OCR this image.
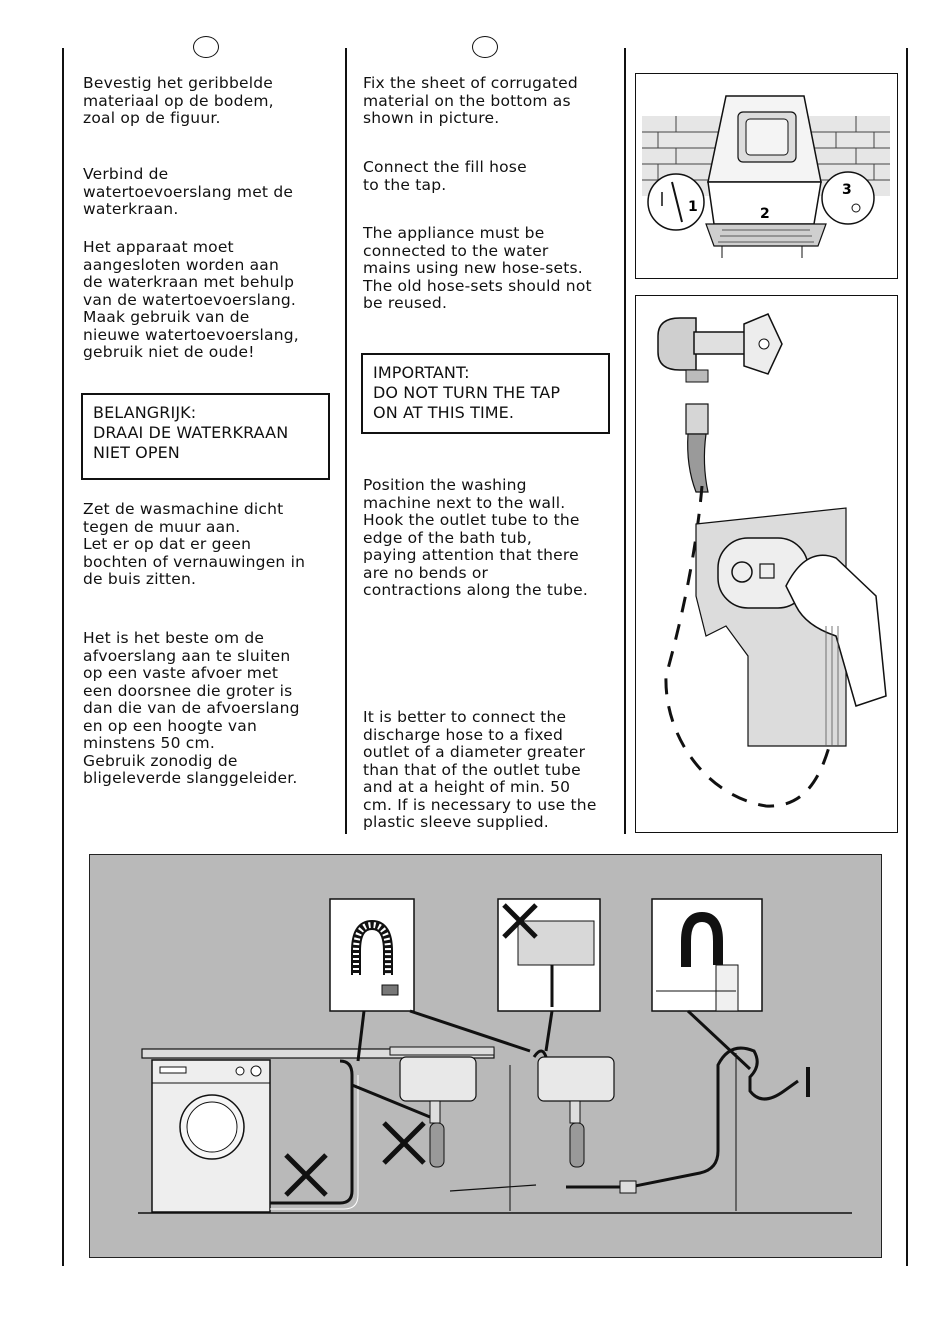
Bevestig het geribbelde
materiaal op de bodem,
zoal op de figuur.

Verbind de
watertoevoerslang met de
waterkraan.

Het apparaat moet
aangesloten worden aan
de waterkraan met behulp
van de watertoevoerslang.
Maak gebruik van de
nieuwe watertoevoerslang,
gebruik niet de oude!

Zet de wasmachine dicht
tegen de muur aan.
Let er op dat er geen
bochten of vernauwingen in
de buis zitten.

Het is het beste om de
afvoerslang aan te sluiten
op een vaste afvoer met
een doorsnee die groter is
dan die van de afvoerslang
en op een hoogte van
minstens 50 cm.
Gebruik zonodig de
bligeleverde slanggeleider.

BELANGRIJK:
DRAAI DE WATERKRAAN
NIET OPEN

Fix the sheet of corrugated
material on the bottom as
shown in picture.

Connect the fill hose
to the tap.

The appliance must be
connected to the water
mains using new hose-sets.
The old hose-sets should not
be reused.

Position the washing
machine next to the wall.
Hook the outlet tube to the
edge of the bath tub,
paying attention that there
are no bends or
contractions along the tube.

It is better to connect the
discharge hose to a fixed
outlet of a diameter greater
than that of the outlet tube
and at a height of min. 50
cm. If is necessary to use the
plastic sleeve supplied.

IMPORTANT:
DO NOT TURN THE TAP
ON AT THIS TIME.
1	2
3
